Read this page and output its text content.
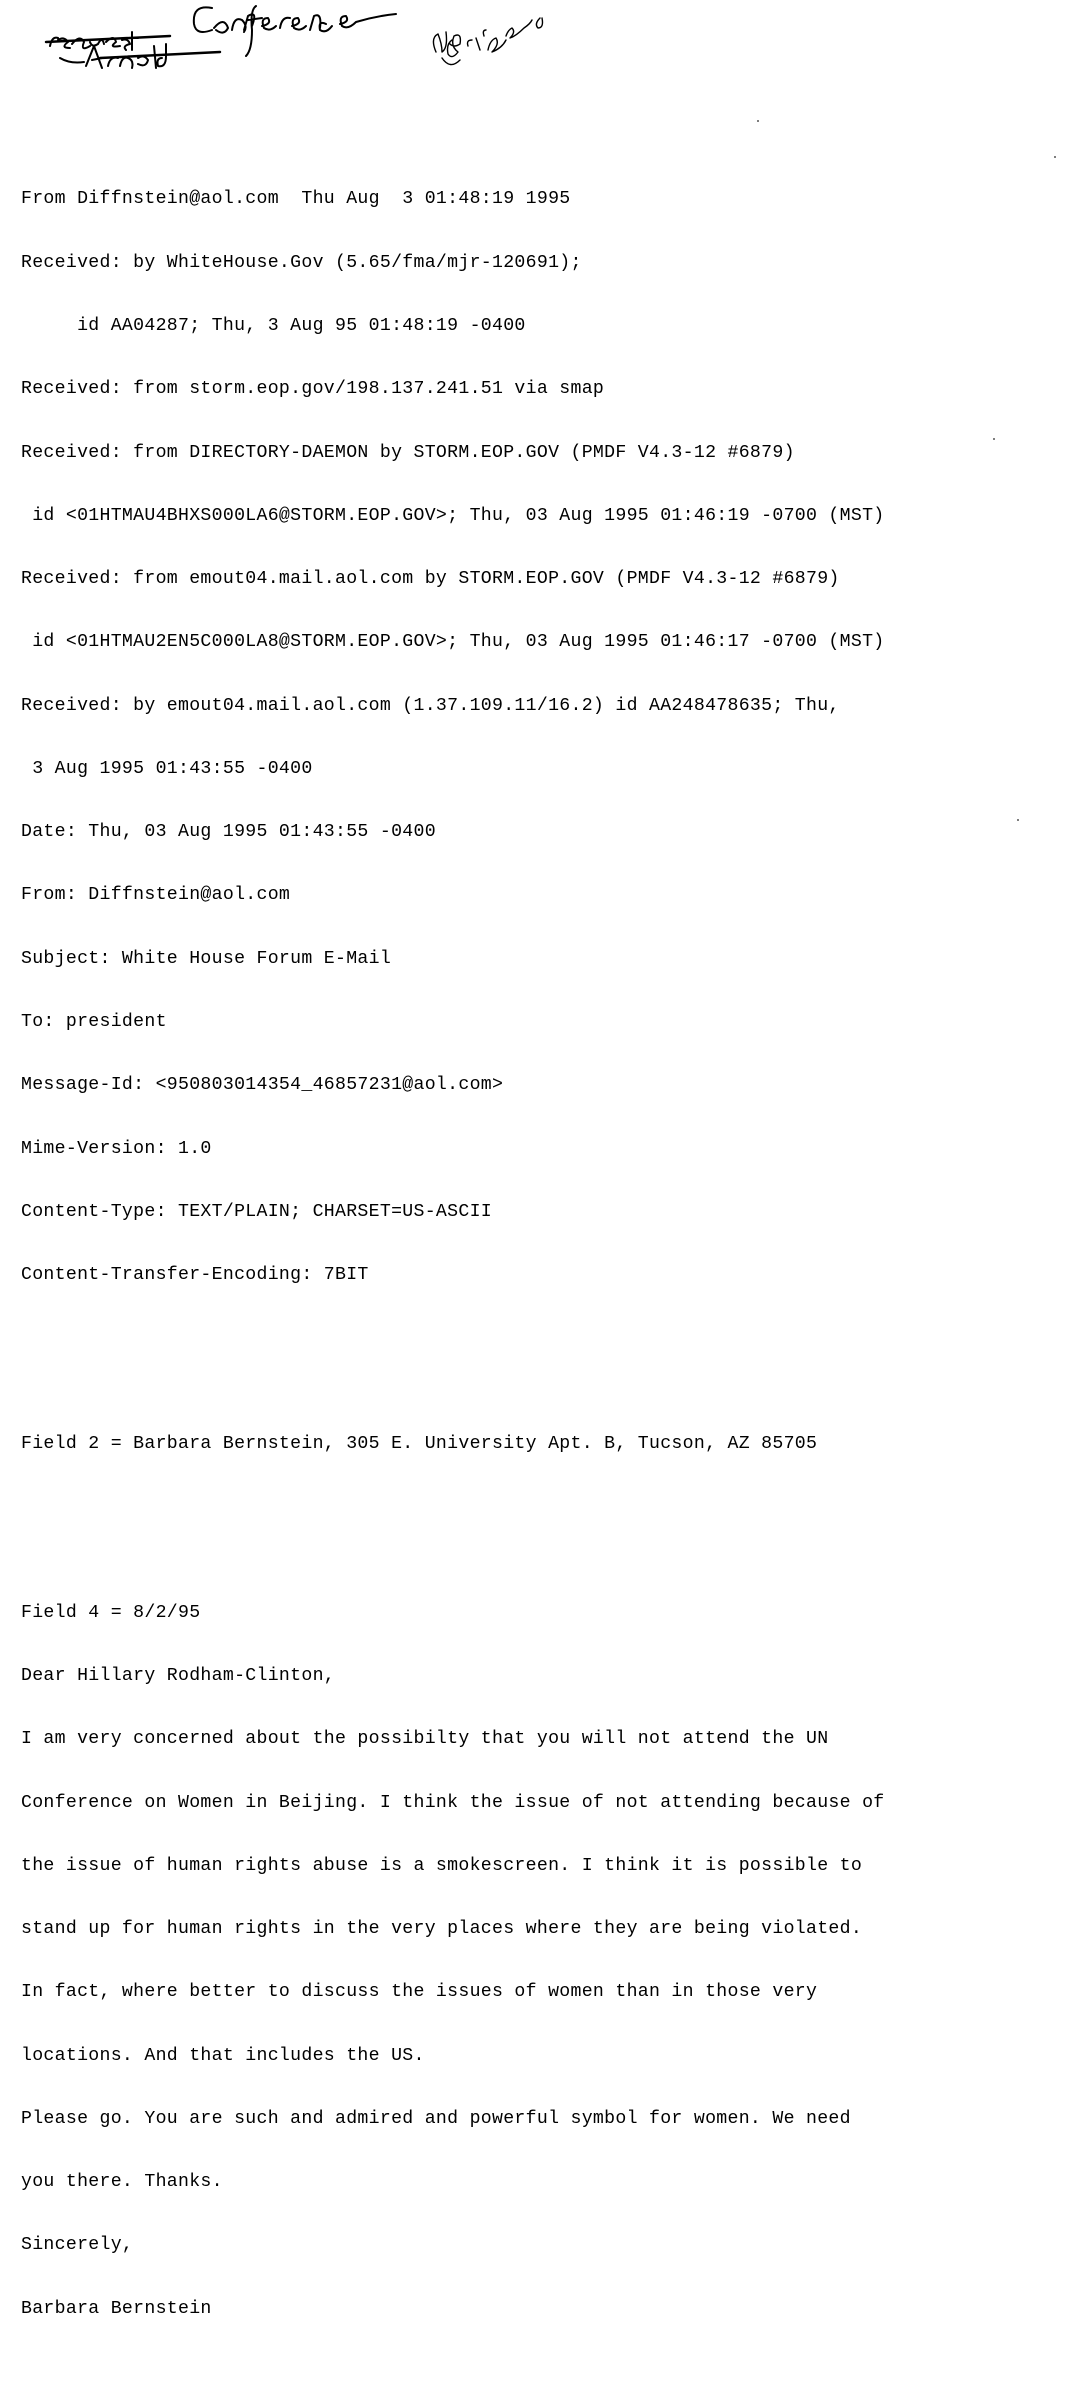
From Diffnstein@aol.com  Thu Aug  3 01:48:19 1995

Received: by WhiteHouse.Gov (5.65/fma/mjr-120691);

id AA04287; Thu, 3 Aug 95 01:48:19 -0400

Received: from storm.eop.gov/198.137.241.51 via smap

Received: from DIRECTORY-DAEMON by STORM.EOP.GOV (PMDF V4.3-12 #6879)

id <01HTMAU4BHXS000LA6@STORM.EOP.GOV>; Thu, 03 Aug 1995 01:46:19 -0700 (MST)

Received: from emout04.mail.aol.com by STORM.EOP.GOV (PMDF V4.3-12 #6879)

id <01HTMAU2EN5C000LA8@STORM.EOP.GOV>; Thu, 03 Aug 1995 01:46:17 -0700 (MST)

Received: by emout04.mail.aol.com (1.37.109.11/16.2) id AA248478635; Thu,

3 Aug 1995 01:43:55 -0400

Date: Thu, 03 Aug 1995 01:43:55 -0400

From: Diffnstein@aol.com

Subject: White House Forum E-Mail

To: president

Message-Id: <950803014354_46857231@aol.com>

Mime-Version: 1.0

Content-Type: TEXT/PLAIN; CHARSET=US-ASCII

Content-Transfer-Encoding: 7BIT

Field 2 = Barbara Bernstein, 305 E. University Apt. B, Tucson, AZ 85705

Field 4 = 8/2/95

Dear Hillary Rodham-Clinton,

I am very concerned about the possibilty that you will not attend the UN

Conference on Women in Beijing. I think the issue of not attending because of

the issue of human rights abuse is a smokescreen. I think it is possible to

stand up for human rights in the very places where they are being violated.

In fact, where better to discuss the issues of women than in those very

locations. And that includes the US.

Please go. You are such and admired and powerful symbol for women. We need

you there. Thanks.

Sincerely,

Barbara Bernstein
